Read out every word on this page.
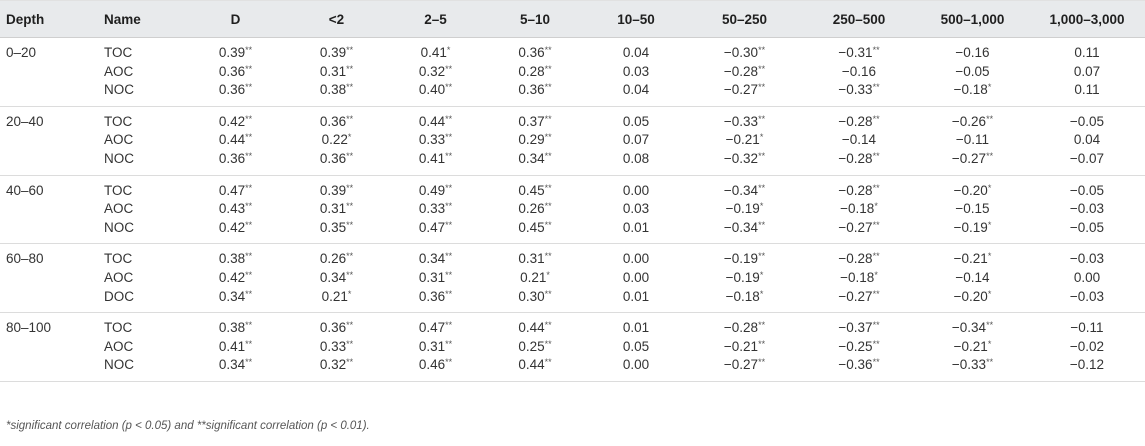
Depth	Name	D	<2	2–5	5–10	10–50	50–250	250–500	500–1,000	1,000–3,000
0–20	TOC	0.39**	0.39**	0.41*	0.36**	0.04	−0.30**	−0.31**	−0.16	0.11
	AOC	0.36**	0.31**	0.32**	0.28**	0.03	−0.28**	−0.16	−0.05	0.07
	NOC	0.36**	0.38**	0.40**	0.36**	0.04	−0.27**	−0.33**	−0.18*	0.11
20–40	TOC	0.42**	0.36**	0.44**	0.37**	0.05	−0.33**	−0.28**	−0.26**	−0.05
	AOC	0.44**	0.22*	0.33**	0.29**	0.07	−0.21*	−0.14	−0.11	0.04
	NOC	0.36**	0.36**	0.41**	0.34**	0.08	−0.32**	−0.28**	−0.27**	−0.07
40–60	TOC	0.47**	0.39**	0.49**	0.45**	0.00	−0.34**	−0.28**	−0.20*	−0.05
	AOC	0.43**	0.31**	0.33**	0.26**	0.03	−0.19*	−0.18*	−0.15	−0.03
	NOC	0.42**	0.35**	0.47**	0.45**	0.01	−0.34**	−0.27**	−0.19*	−0.05
60–80	TOC	0.38**	0.26**	0.34**	0.31**	0.00	−0.19**	−0.28**	−0.21*	−0.03
	AOC	0.42**	0.34**	0.31**	0.21*	0.00	−0.19*	−0.18*	−0.14	0.00
	DOC	0.34**	0.21*	0.36**	0.30**	0.01	−0.18*	−0.27**	−0.20*	−0.03
80–100	TOC	0.38**	0.36**	0.47**	0.44**	0.01	−0.28**	−0.37**	−0.34**	−0.11
	AOC	0.41**	0.33**	0.31**	0.25**	0.05	−0.21**	−0.25**	−0.21*	−0.02
	NOC	0.34**	0.32**	0.46**	0.44**	0.00	−0.27**	−0.36**	−0.33**	−0.12
*significant correlation (p < 0.05) and **significant correlation (p < 0.01).
